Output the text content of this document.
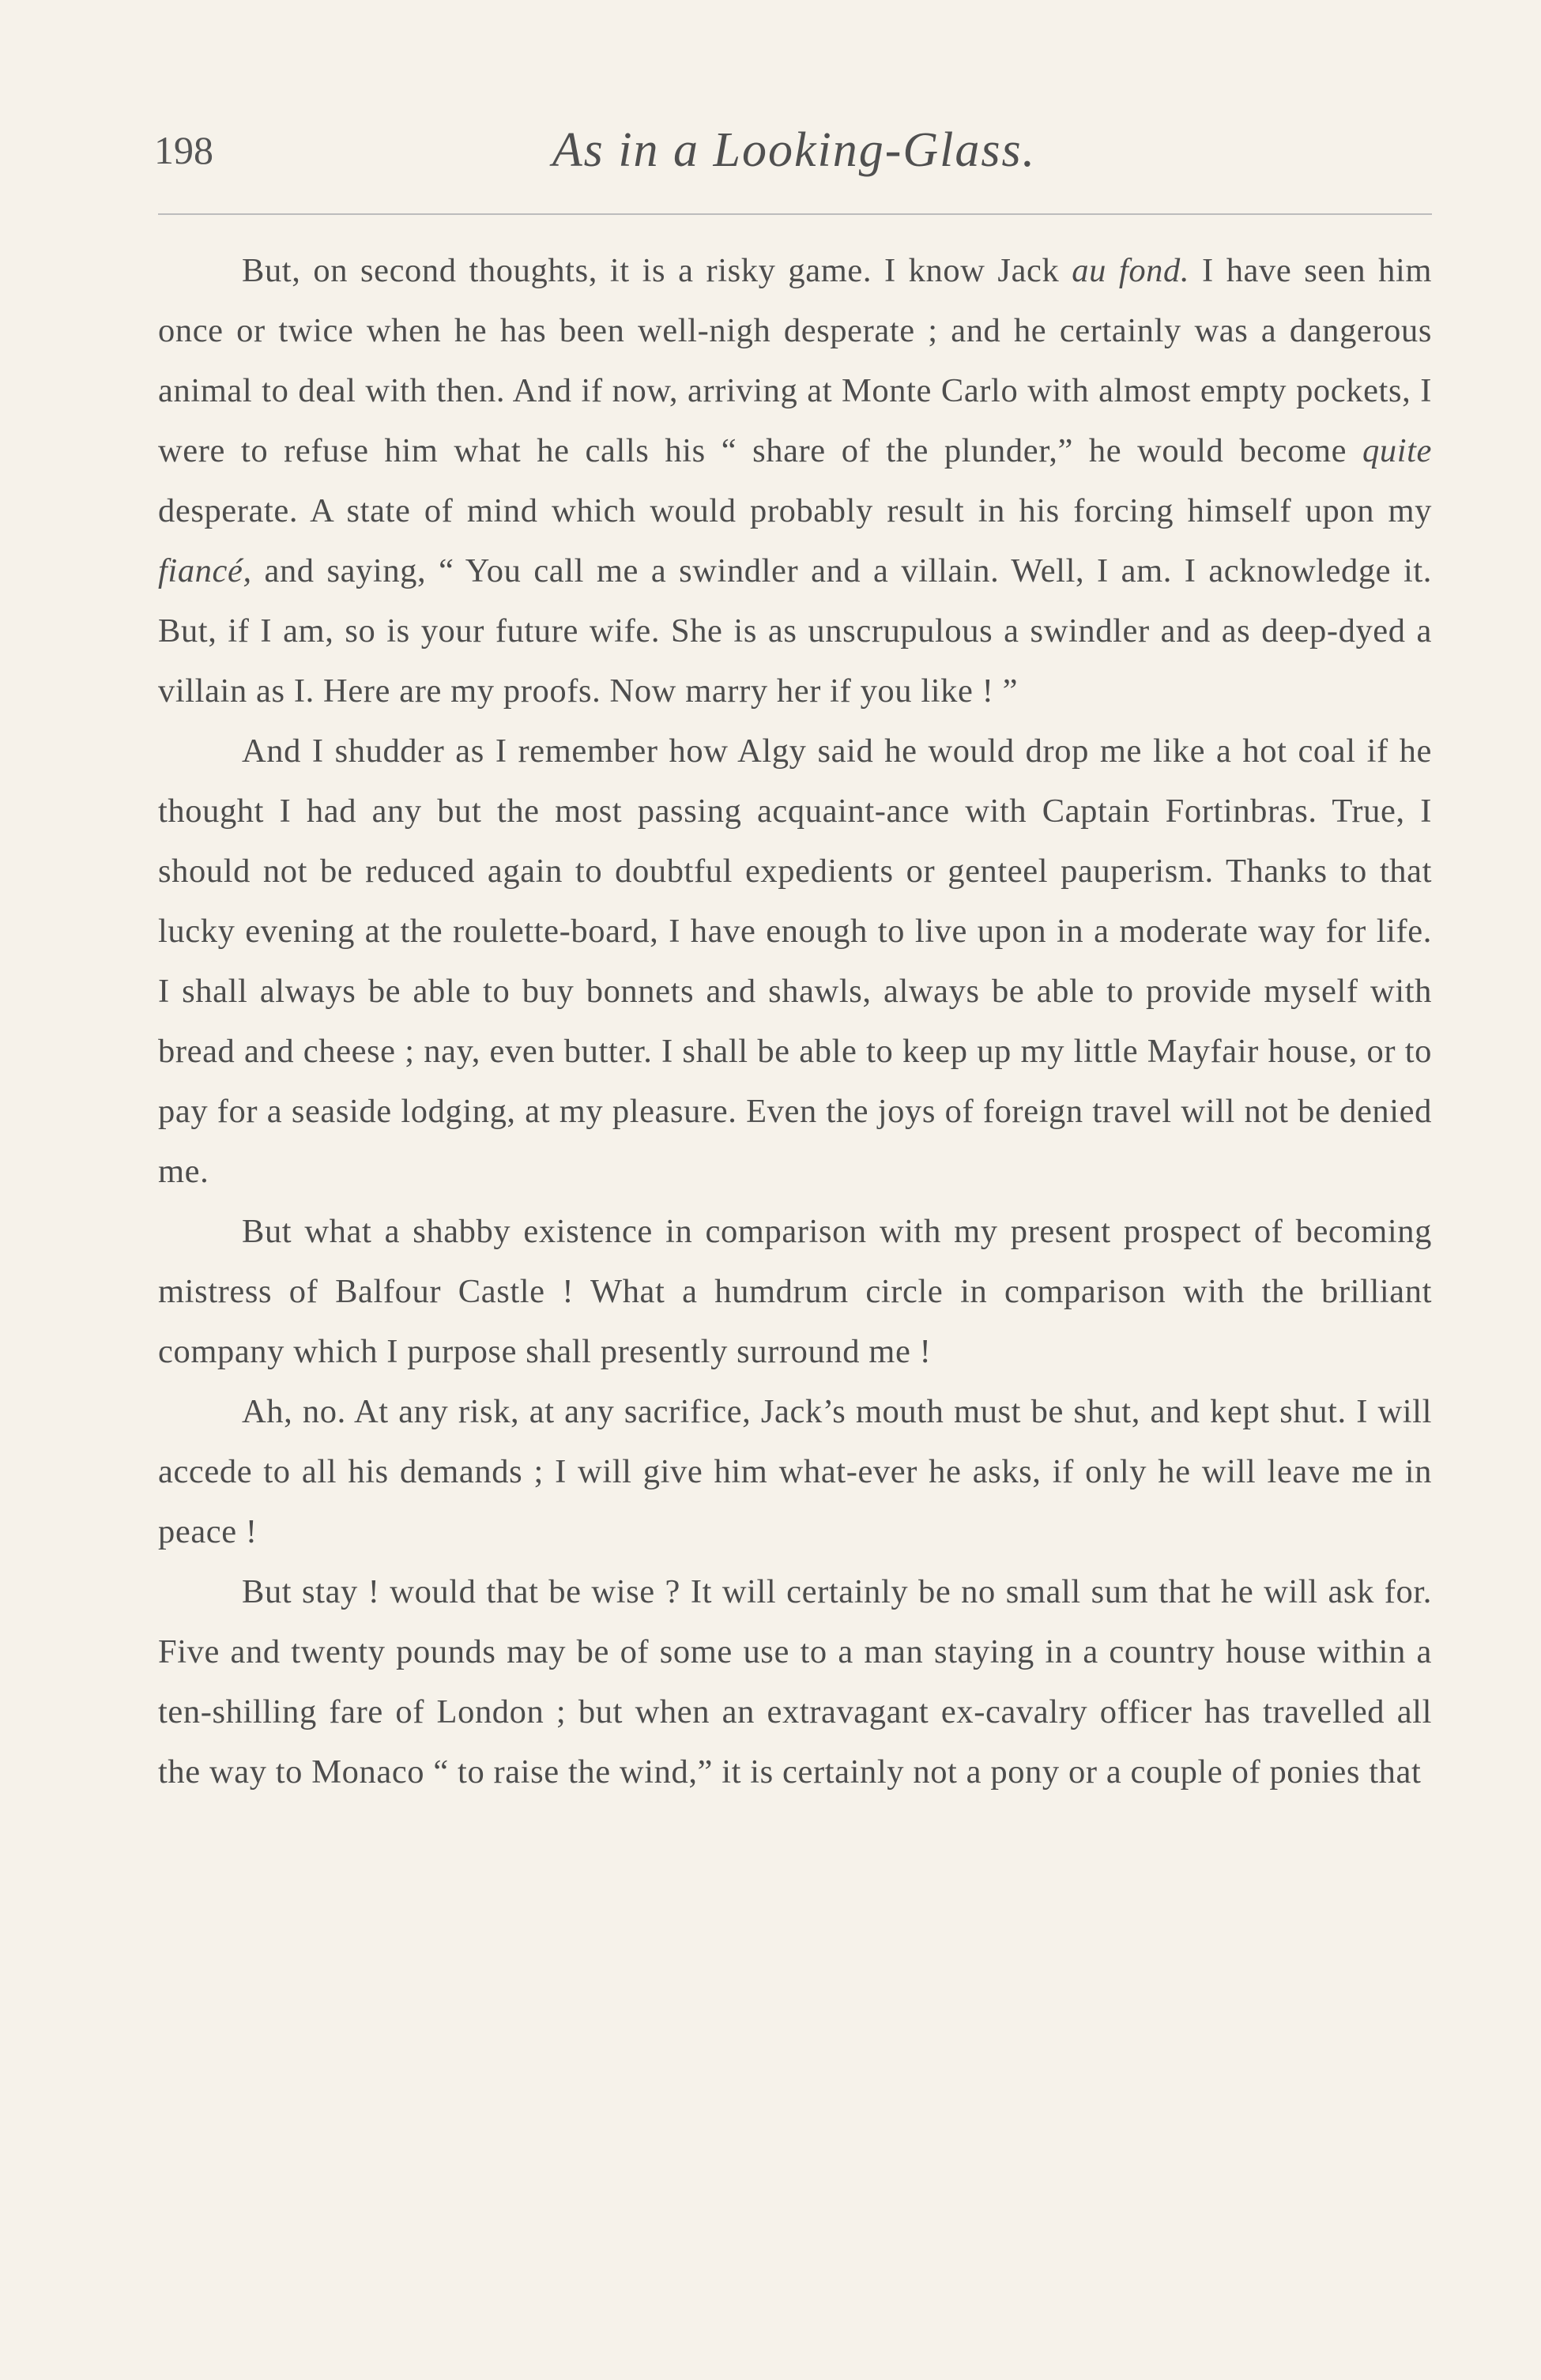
198	As in a Looking-Glass.

But, on second thoughts, it is a risky game. I know Jack au fond. I have seen him once or twice when he has been well-nigh desperate ; and he certainly was a dangerous animal to deal with then. And if now, arriving at Monte Carlo with almost empty pockets, I were to refuse him what he calls his “ share of the plunder,” he would become quite desperate. A state of mind which would probably result in his forcing himself upon my fiancé, and saying, “ You call me a swindler and a villain. Well, I am. I acknowledge it. But, if I am, so is your future wife. She is as unscrupulous a swindler and as deep-dyed a villain as I. Here are my proofs. Now marry her if you like ! ”

And I shudder as I remember how Algy said he would drop me like a hot coal if he thought I had any but the most passing acquaint-ance with Captain Fortinbras. True, I should not be reduced again to doubtful expedients or genteel pauperism. Thanks to that lucky evening at the roulette-board, I have enough to live upon in a moderate way for life. I shall always be able to buy bonnets and shawls, always be able to provide myself with bread and cheese ; nay, even butter. I shall be able to keep up my little Mayfair house, or to pay for a seaside lodging, at my pleasure. Even the joys of foreign travel will not be denied me.

But what a shabby existence in comparison with my present prospect of becoming mistress of Balfour Castle ! What a humdrum circle in comparison with the brilliant company which I purpose shall presently surround me !

Ah, no. At any risk, at any sacrifice, Jack’s mouth must be shut, and kept shut. I will accede to all his demands ; I will give him what-ever he asks, if only he will leave me in peace !

But stay ! would that be wise ? It will certainly be no small sum that he will ask for. Five and twenty pounds may be of some use to a man staying in a country house within a ten-shilling fare of London ; but when an extravagant ex-cavalry officer has travelled all the way to Monaco “ to raise the wind,” it is certainly not a pony or a couple of ponies that
